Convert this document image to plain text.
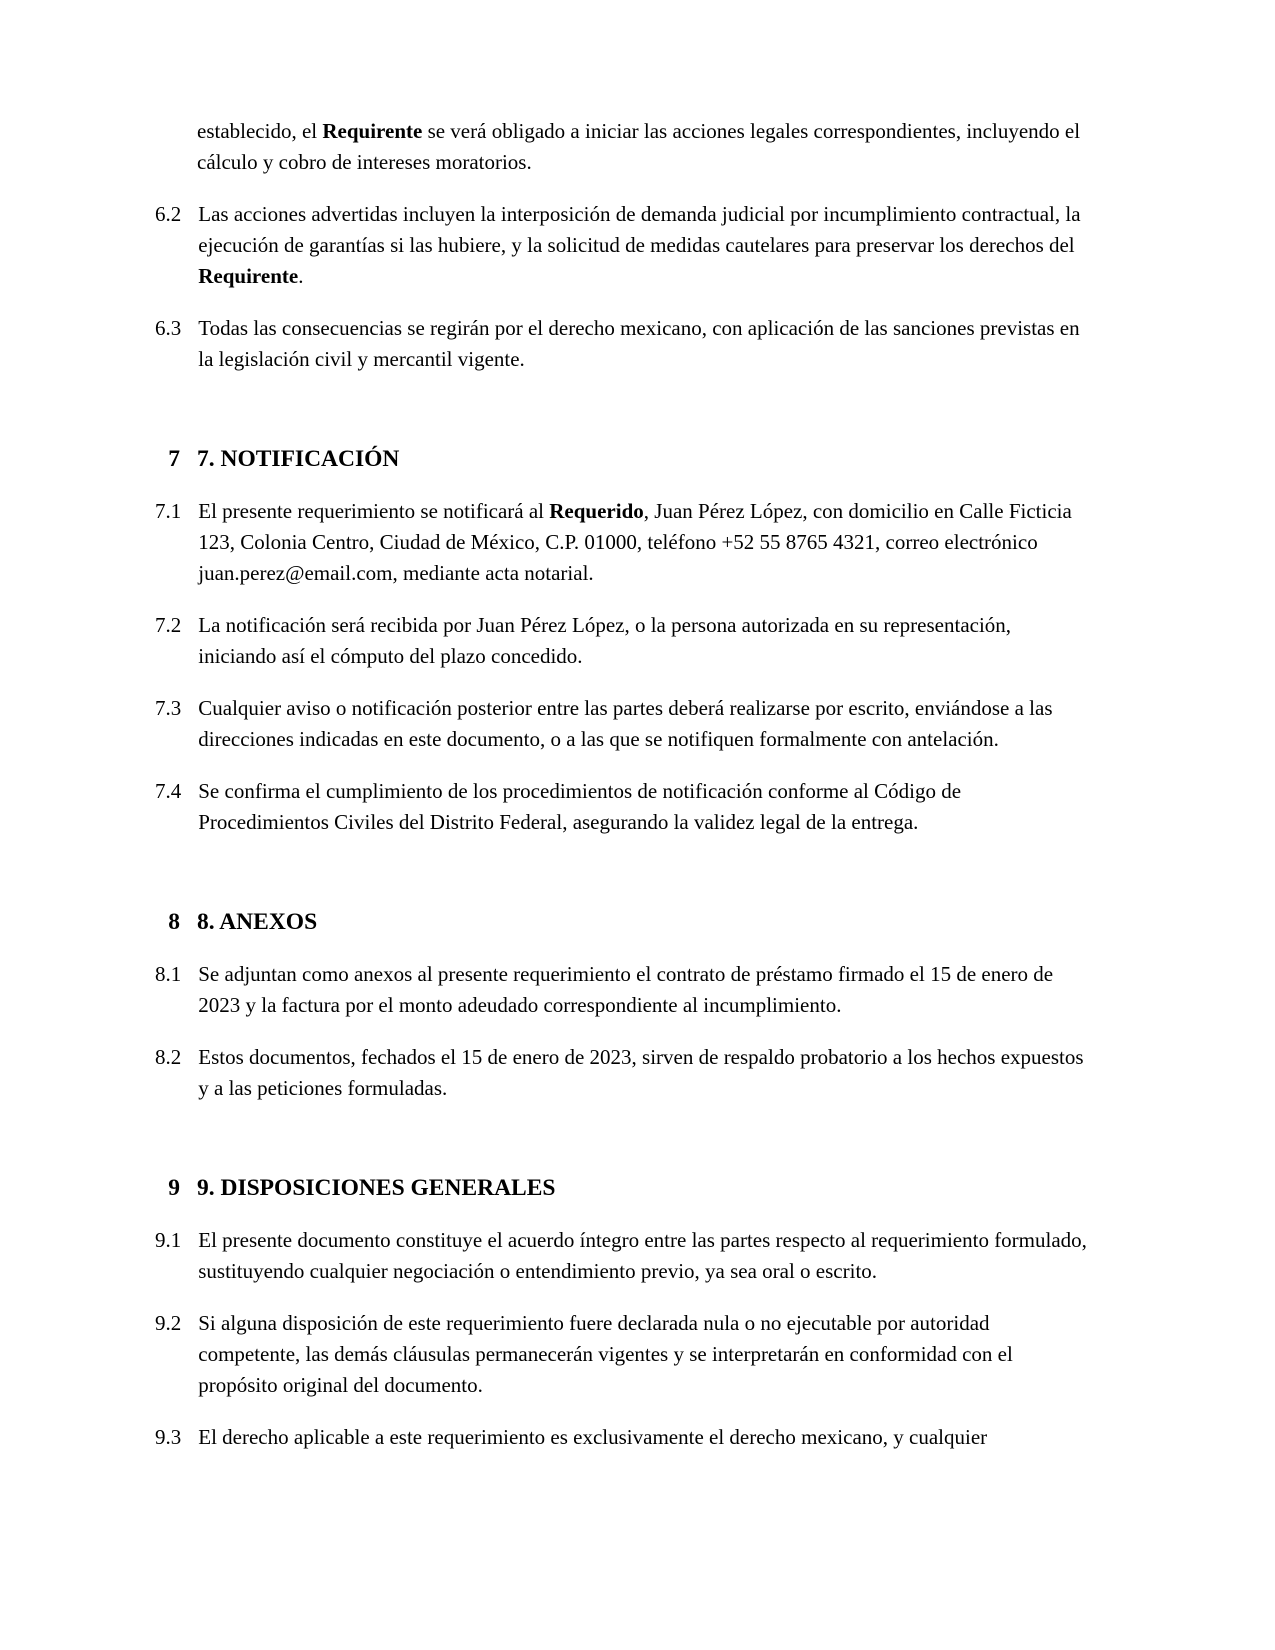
establecido, el Requirente se verá obligado a iniciar las acciones legales correspondientes, incluyendo el cálculo y cobro de intereses moratorios.

6.2 Las acciones advertidas incluyen la interposición de demanda judicial por incumplimiento contractual, la ejecución de garantías si las hubiere, y la solicitud de medidas cautelares para preservar los derechos del Requirente.

6.3 Todas las consecuencias se regirán por el derecho mexicano, con aplicación de las sanciones previstas en la legislación civil y mercantil vigente.

7 7. NOTIFICACIÓN

7.1 El presente requerimiento se notificará al Requerido, Juan Pérez López, con domicilio en Calle Ficticia 123, Colonia Centro, Ciudad de México, C.P. 01000, teléfono +52 55 8765 4321, correo electrónico juan.perez@email.com, mediante acta notarial.

7.2 La notificación será recibida por Juan Pérez López, o la persona autorizada en su representación, iniciando así el cómputo del plazo concedido.

7.3 Cualquier aviso o notificación posterior entre las partes deberá realizarse por escrito, enviándose a las direcciones indicadas en este documento, o a las que se notifiquen formalmente con antelación.

7.4 Se confirma el cumplimiento de los procedimientos de notificación conforme al Código de Procedimientos Civiles del Distrito Federal, asegurando la validez legal de la entrega.

8 8. ANEXOS

8.1 Se adjuntan como anexos al presente requerimiento el contrato de préstamo firmado el 15 de enero de 2023 y la factura por el monto adeudado correspondiente al incumplimiento.

8.2 Estos documentos, fechados el 15 de enero de 2023, sirven de respaldo probatorio a los hechos expuestos y a las peticiones formuladas.

9 9. DISPOSICIONES GENERALES

9.1 El presente documento constituye el acuerdo íntegro entre las partes respecto al requerimiento formulado, sustituyendo cualquier negociación o entendimiento previo, ya sea oral o escrito.

9.2 Si alguna disposición de este requerimiento fuere declarada nula o no ejecutable por autoridad competente, las demás cláusulas permanecerán vigentes y se interpretarán en conformidad con el propósito original del documento.

9.3 El derecho aplicable a este requerimiento es exclusivamente el derecho mexicano, y cualquier
